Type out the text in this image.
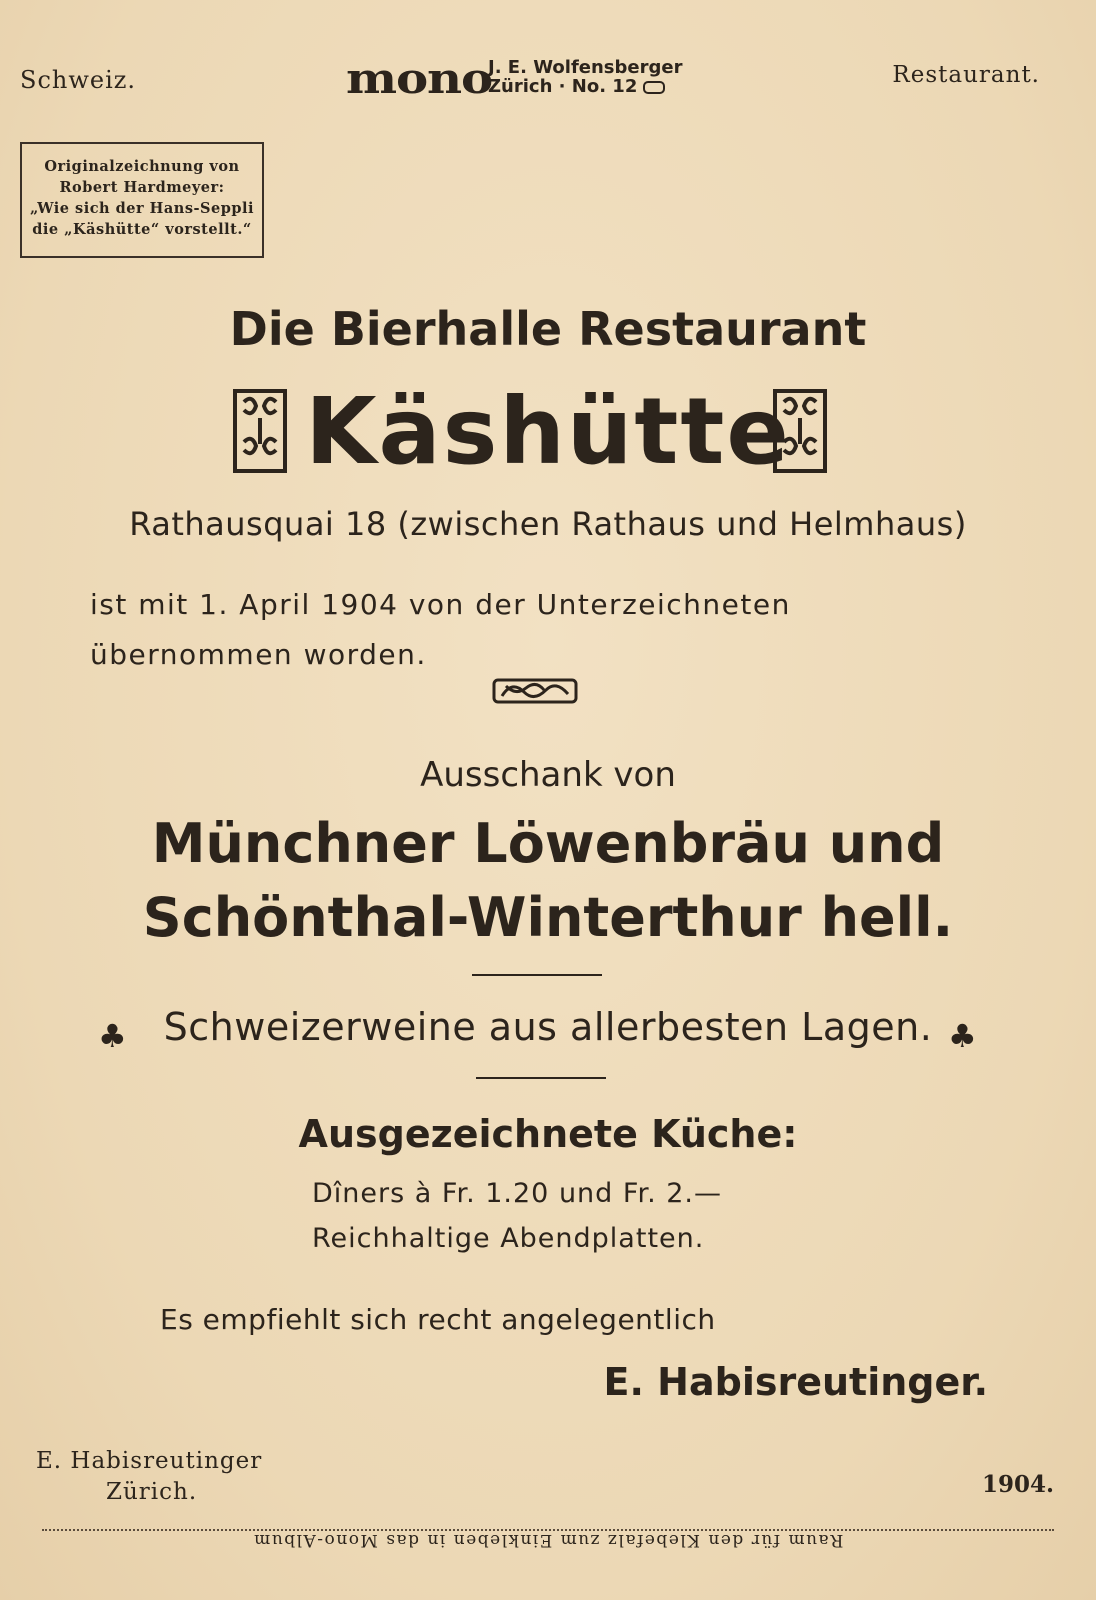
Schweiz.	mono
J. E. Wolfensberger
Zürich · No. 12	Restaurant.
Originalzeichnung von
Robert Hardmeyer:
„Wie sich der Hans-Seppli
die „Käshütte“ vorstellt.“
Die Bierhalle Restaurant
Käshütte
Rathausquai 18 (zwischen Rathaus und Helmhaus)
ist mit 1. April 1904 von der Unterzeichneten übernommen worden.
Ausschank von
Münchner Löwenbräu und
Schönthal-Winterthur hell.
♣ Schweizerweine aus allerbesten Lagen. ♣
Ausgezeichnete Küche:
Dîners à Fr. 1.20 und Fr. 2.—
Reichhaltige Abendplatten.
Es empfiehlt sich recht angelegentlich
E. Habisreutinger.
E. Habisreutinger
Zürich.	1904.
Raum für den Klebefalz zum Einkleben in das Mono-Album
